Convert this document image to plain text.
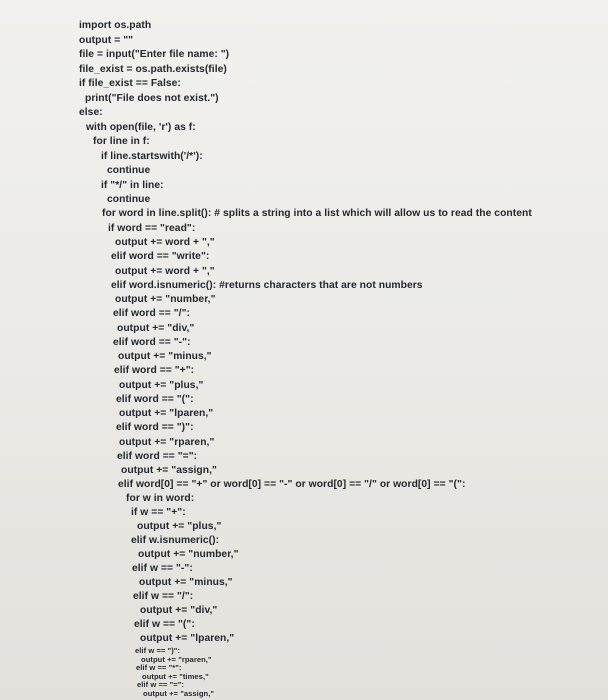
import os.path

output = ""

file = input("Enter file name: ")

file_exist = os.path.exists(file)

if file_exist == False:

print("File does not exist.")

else:

with open(file, 'r') as f:

for line in f:

if line.startswith('/*'):

continue

if "*/" in line:

continue

for word in line.split(): # splits a string into a list which will allow us to read the content

if word == "read":

output += word + ","

elif word == "write":

output += word + ","

elif word.isnumeric(): #returns characters that are not numbers

output += "number,"

elif word == "/":

output += "div,"

elif word == "-":

output += "minus,"

elif word == "+":

output += "plus,"

elif word == "(":

output += "lparen,"

elif word == ")":

output += "rparen,"

elif word == "=":

output += "assign,"

elif word[0] == "+" or word[0] == "-" or word[0] == "/" or word[0] == "(":

for w in word:

if w == "+":

output += "plus,"

elif w.isnumeric():

output += "number,"

elif w == "-":

output += "minus,"

elif w == "/":

output += "div,"

elif w == "(":

output += "lparen,"

elif w == ")":

output += "rparen,"

elif w == "*":

output += "times,"

elif w == "=":

output += "assign,"
